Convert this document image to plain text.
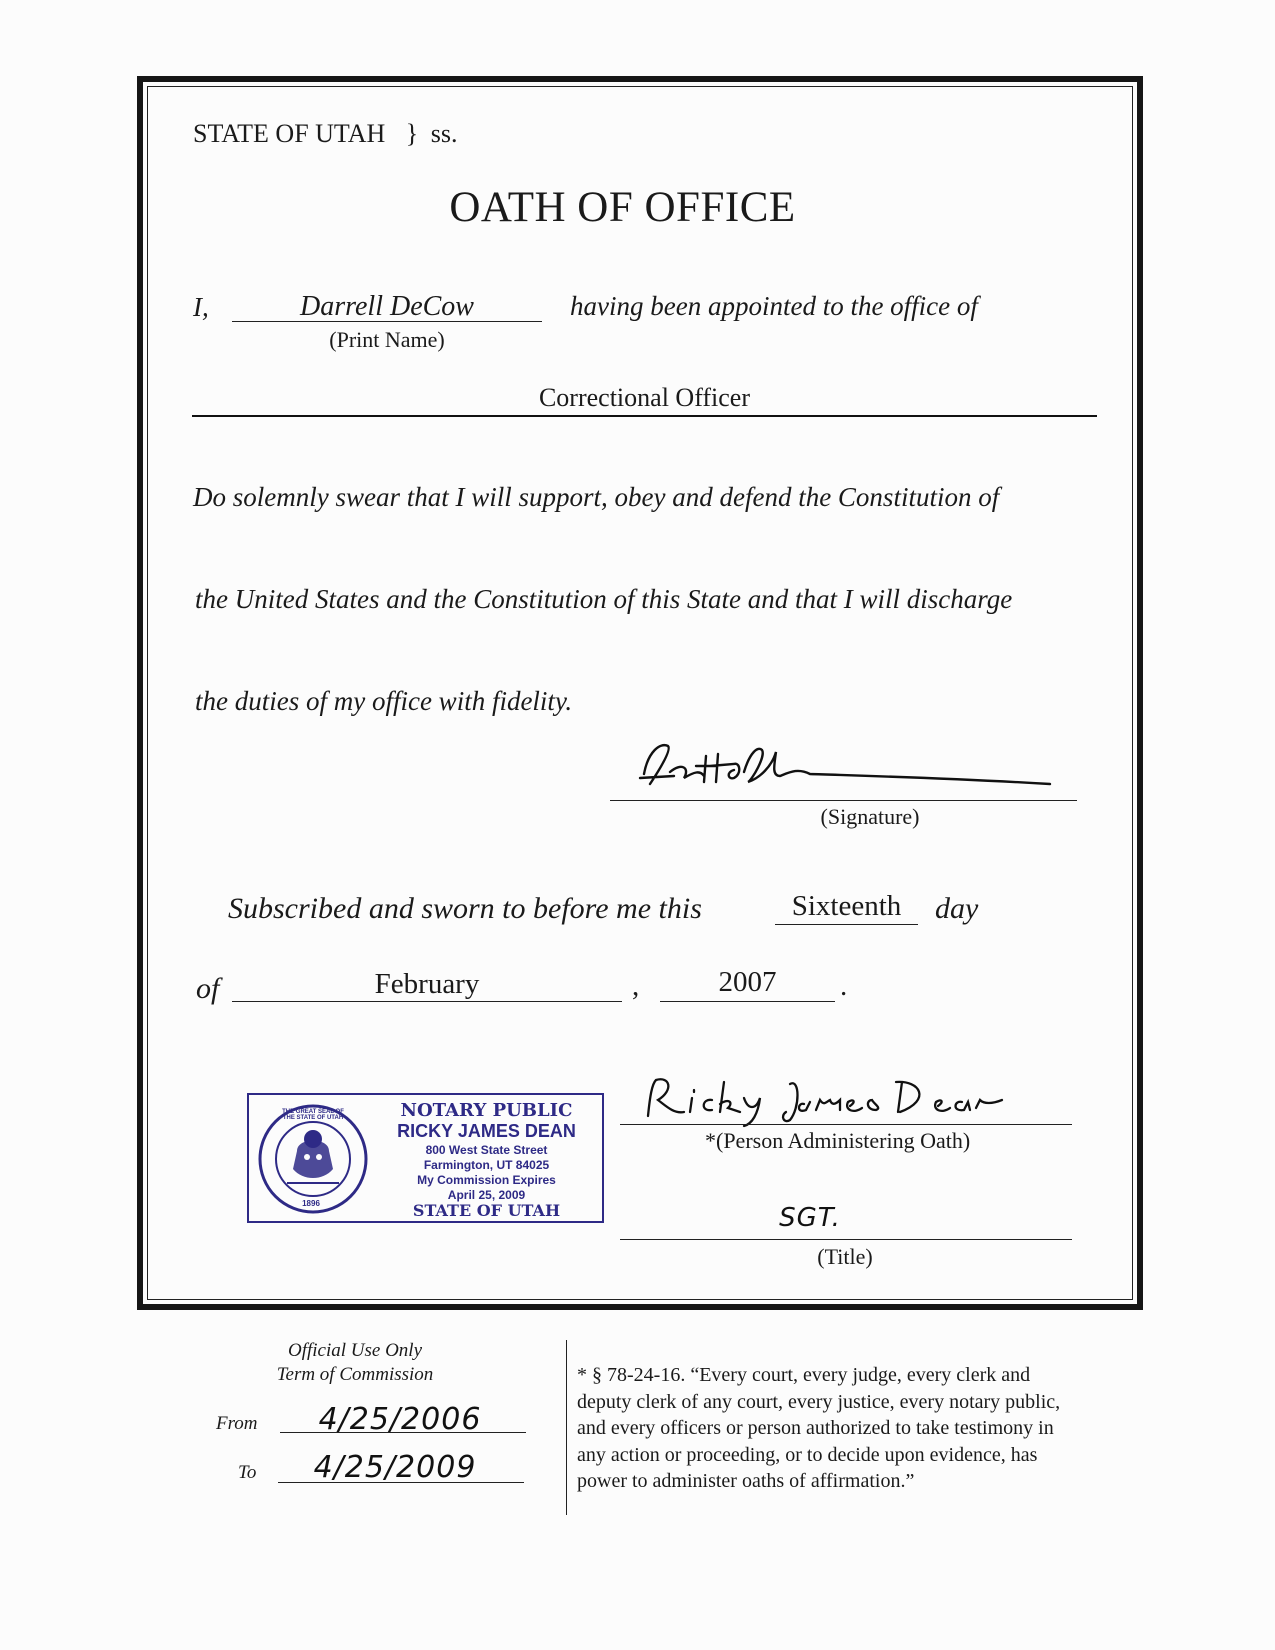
STATE OF UTAH } ss.
OATH OF OFFICE
I,	Darrell DeCow	having been appointed to the office of
(Print Name)
Correctional Officer
Do solemnly swear that I will support, obey and defend the Constitution of
the United States and the Constitution of this State and that I will discharge
the duties of my office with fidelity.
(Signature)
Subscribed and sworn to before me this	Sixteenth	day
of	February	,	2007	.
THE GREAT SEAL OF THE STATE OF UTAH
1896
NOTARY PUBLIC
RICKY JAMES DEAN
800 West State Street
Farmington, UT 84025
My Commission Expires
April 25, 2009
STATE OF UTAH
*(Person Administering Oath)
SGT.
(Title)
Official Use Only
Term of Commission
From	4/25/2006
To	4/25/2009
* § 78-24-16. “Every court, every judge, every clerk and
deputy clerk of any court, every justice, every notary public,
and every officers or person authorized to take testimony in
any action or proceeding, or to decide upon evidence, has
power to administer oaths of affirmation.”
